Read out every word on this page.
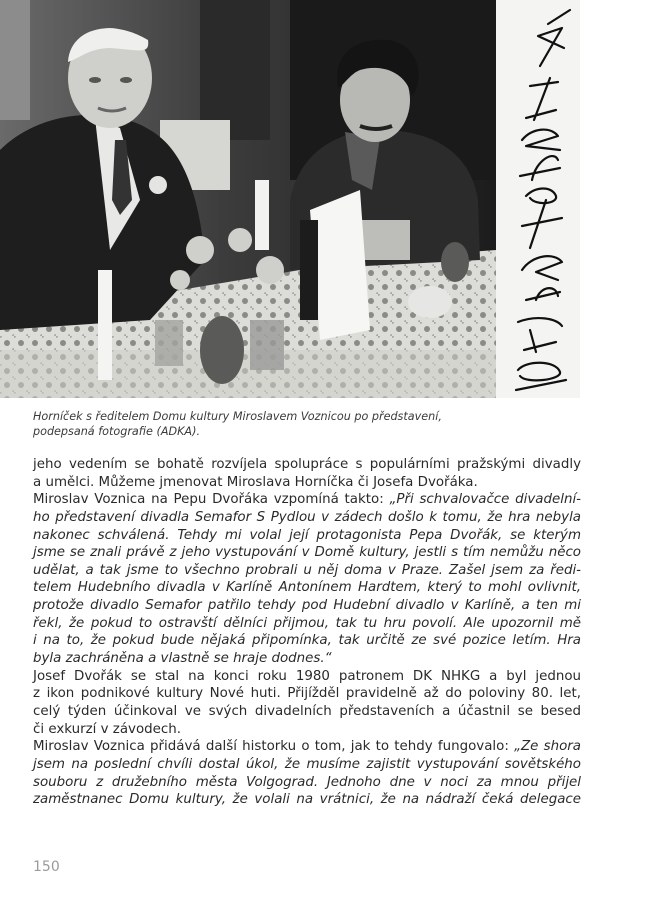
Horníček s ředitelem Domu kultury Miroslavem Voznicou po představení,
podepsaná fotografie (ADKA).
jeho vedením se bohatě rozvíjela spolupráce s populárními pražskými divadly
a umělci. Můžeme jmenovat Miroslava Horníčka či Josefa Dvořáka.
Miroslav Voznica na Pepu Dvořáka vzpomíná takto: „Při schvalovačce divadelní-
ho představení divadla Semafor S Pydlou v zádech došlo k tomu, že hra nebyla
nakonec schválená. Tehdy mi volal její protagonista Pepa Dvořák, se kterým
jsme se znali právě z jeho vystupování v Domě kultury, jestli s tím nemůžu něco
udělat, a tak jsme to všechno probrali u něj doma v Praze. Zašel jsem za ředi-
telem Hudebního divadla v Karlíně Antonínem Hardtem, který to mohl ovlivnit,
protože divadlo Semafor patřilo tehdy pod Hudební divadlo v Karlíně, a ten mi
řekl, že pokud to ostravští dělníci přijmou, tak tu hru povolí. Ale upozornil mě
i na to, že pokud bude nějaká připomínka, tak určitě ze své pozice letím. Hra
byla zachráněna a vlastně se hraje dodnes.“
Josef Dvořák se stal na konci roku 1980 patronem DK NHKG a byl jednou
z ikon podnikové kultury Nové huti. Přijížděl pravidelně až do poloviny 80. let,
celý týden účinkoval ve svých divadelních představeních a účastnil se besed
či exkurzí v závodech.
Miroslav Voznica přidává další historku o tom, jak to tehdy fungovalo: „Ze shora
jsem na poslední chvíli dostal úkol, že musíme zajistit vystupování sovětského
souboru z družebního města Volgograd. Jednoho dne v noci za mnou přijel
zaměstnanec Domu kultury, že volali na vrátnici, že na nádraží čeká delegace
150
